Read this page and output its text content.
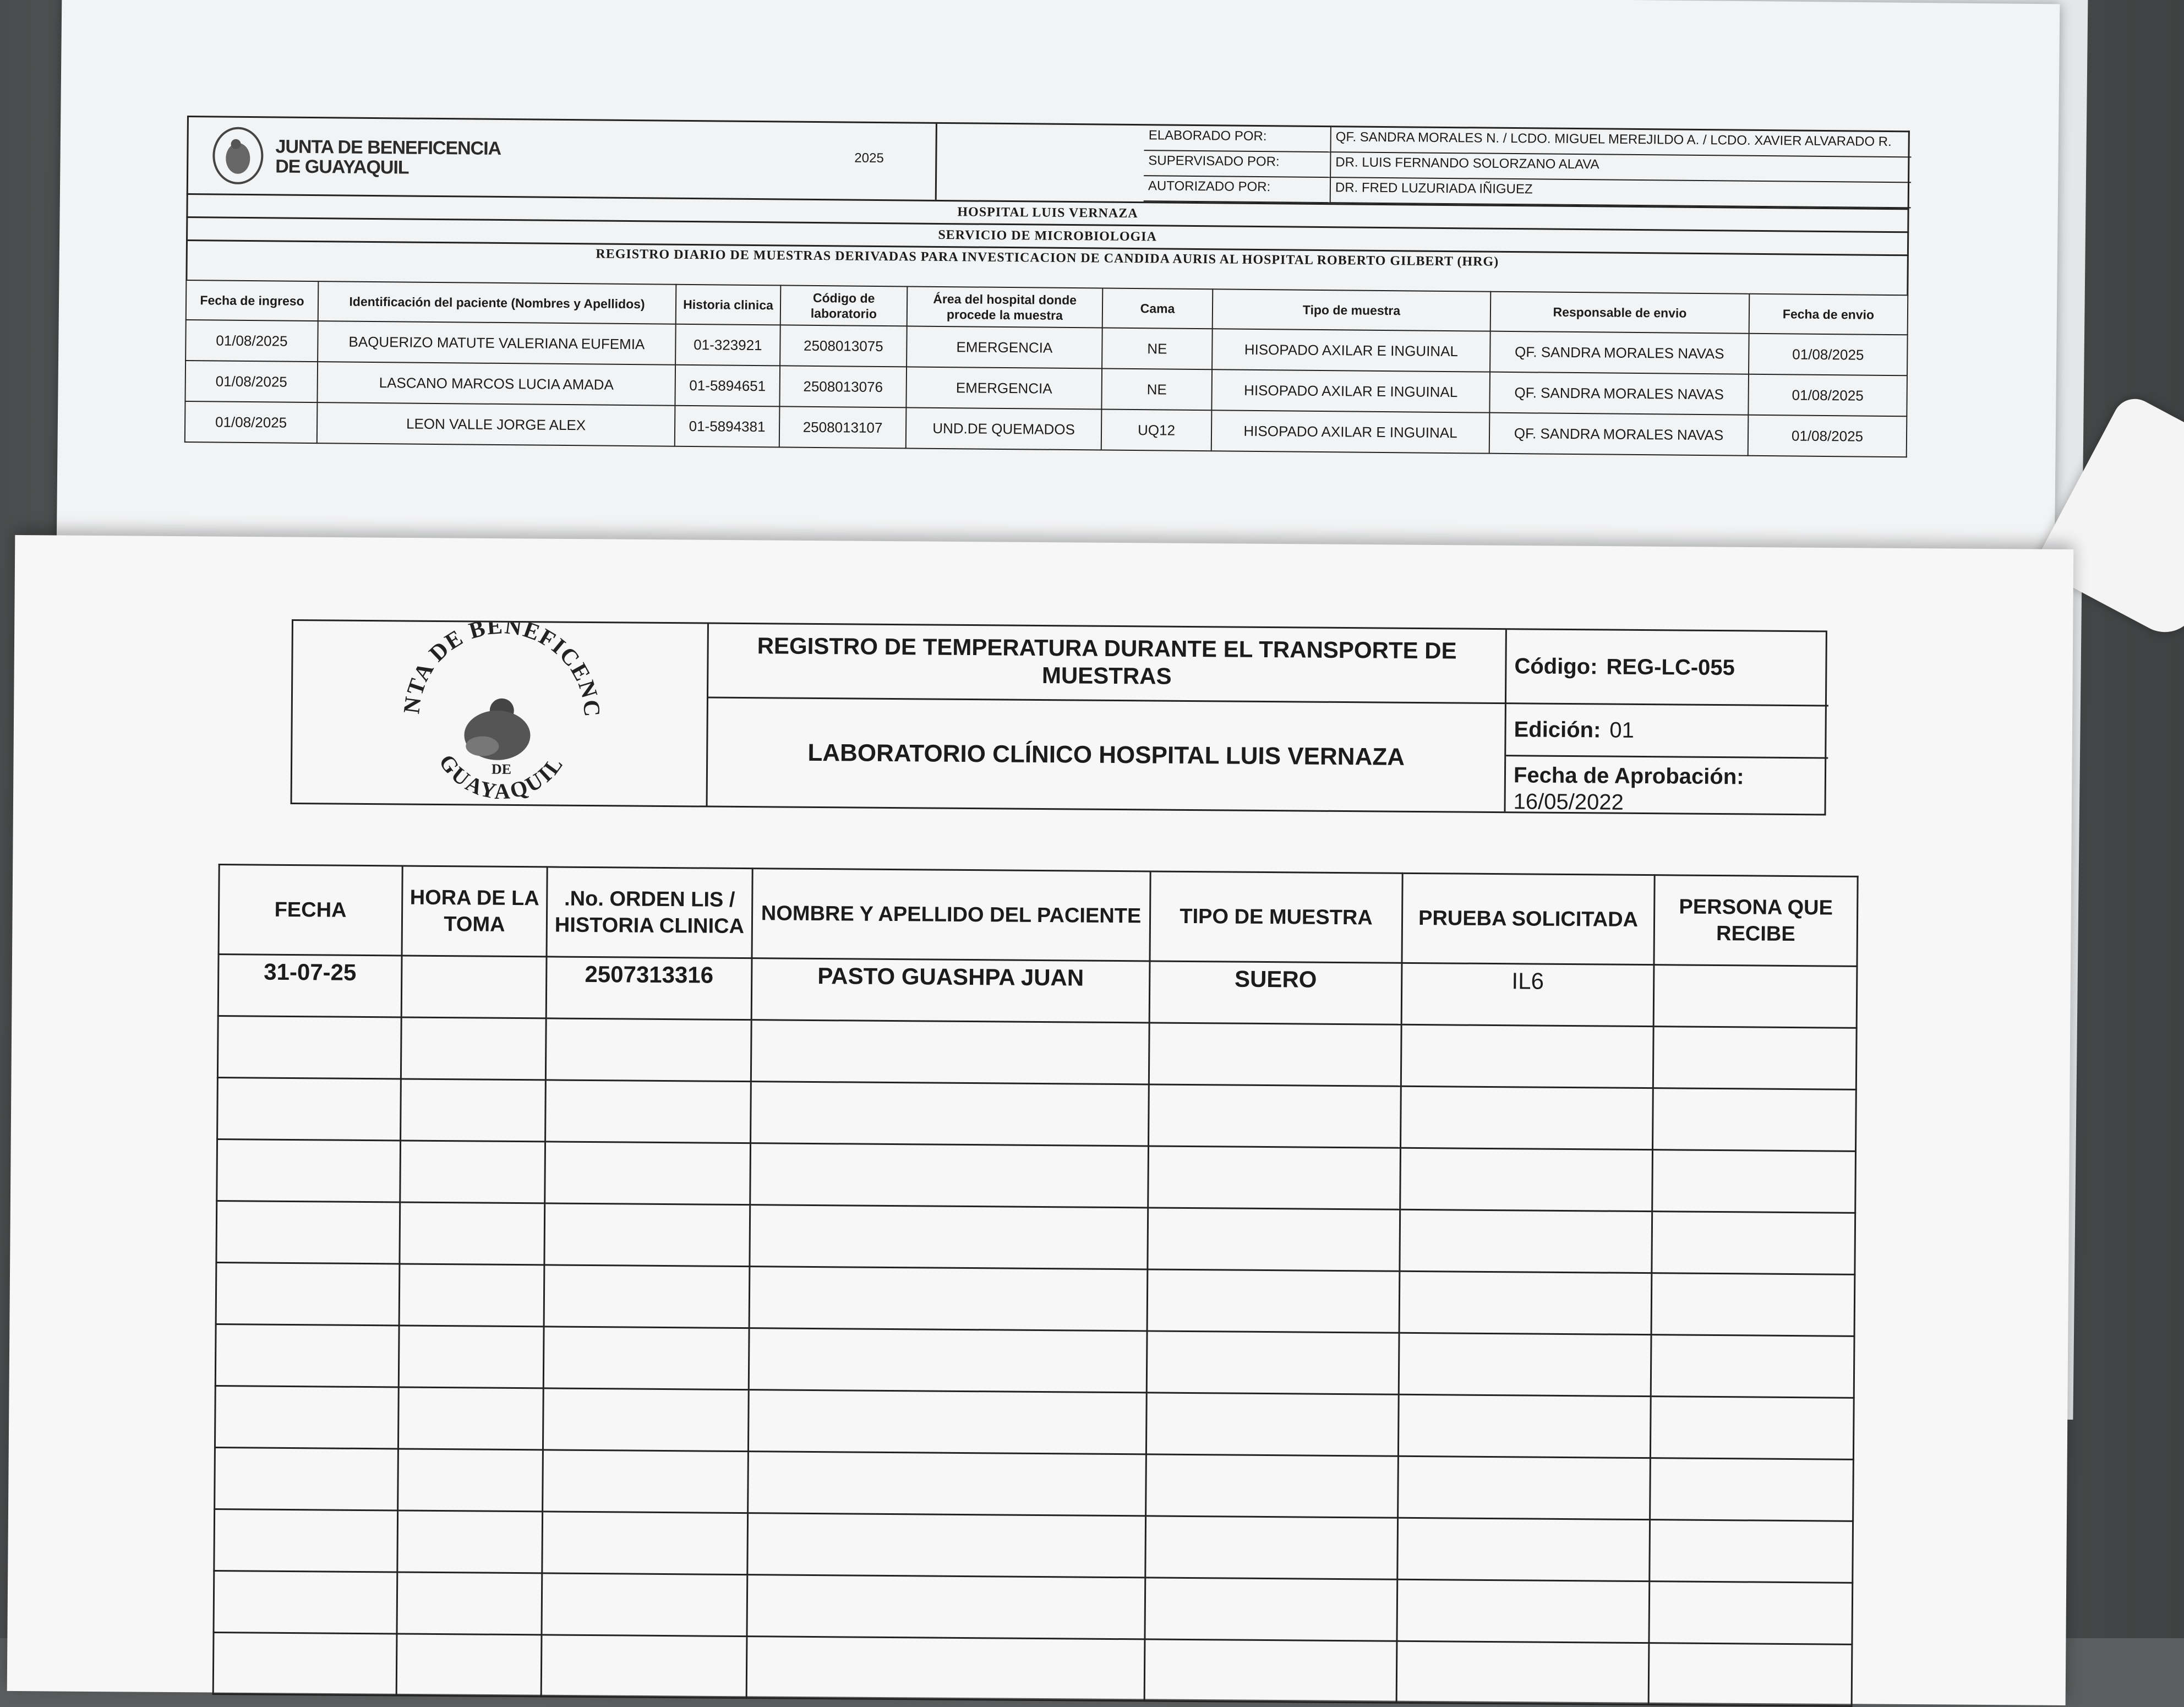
JUNTA DE BENEFICENCIA
DE GUAYAQUIL	2025
ELABORADO POR:	QF. SANDRA MORALES N. / LCDO. MIGUEL MEREJILDO A. / LCDO. XAVIER ALVARADO R.
SUPERVISADO POR:	DR. LUIS FERNANDO SOLORZANO ALAVA
AUTORIZADO POR:	DR. FRED LUZURIADA IÑIGUEZ
HOSPITAL LUIS VERNAZA
SERVICIO DE MICROBIOLOGIA
REGISTRO DIARIO DE MUESTRAS DERIVADAS PARA INVESTICACION DE CANDIDA AURIS AL HOSPITAL ROBERTO GILBERT (HRG)
Fecha de ingreso	Identificación del paciente (Nombres y Apellidos)	Historia clinica	Código de laboratorio	Área del hospital donde procede la muestra	Cama	Tipo de muestra	Responsable de envio	Fecha de envio
01/08/2025	BAQUERIZO MATUTE VALERIANA EUFEMIA	01-323921	2508013075	EMERGENCIA	NE	HISOPADO AXILAR E INGUINAL	QF. SANDRA MORALES NAVAS	01/08/2025
01/08/2025	LASCANO MARCOS LUCIA AMADA	01-5894651	2508013076	EMERGENCIA	NE	HISOPADO AXILAR E INGUINAL	QF. SANDRA MORALES NAVAS	01/08/2025
01/08/2025	LEON VALLE JORGE ALEX	01-5894381	2508013107	UND.DE QUEMADOS	UQ12	HISOPADO AXILAR E INGUINAL	QF. SANDRA MORALES NAVAS	01/08/2025
JUNTA DE BENEFICENCIA
GUAYAQUIL
DE
REGISTRO DE TEMPERATURA DURANTE EL TRANSPORTE DE MUESTRAS
LABORATORIO CLÍNICO HOSPITAL LUIS VERNAZA
Código: REG-LC-055
Edición: 01
Fecha de Aprobación: 16/05/2022
FECHA	HORA DE LA TOMA	.No. ORDEN LIS / HISTORIA CLINICA	NOMBRE Y APELLIDO DEL PACIENTE	TIPO DE MUESTRA	PRUEBA SOLICITADA	PERSONA QUE RECIBE
31-07-25		2507313316	PASTO GUASHPA JUAN	SUERO	IL6	
